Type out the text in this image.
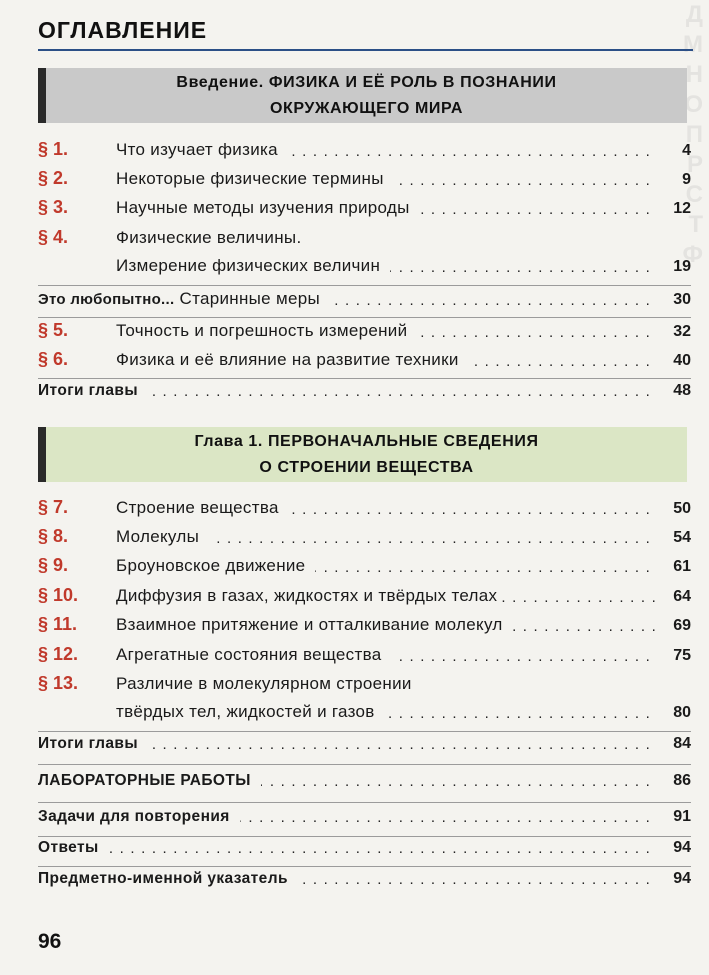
Д
М
Н
О
П
Р
С
Т
Ф
ОГЛАВЛЕНИЕ
Введение. ФИЗИКА И ЕЁ РОЛЬ В ПОЗНАНИИ
ОКРУЖАЮЩЕГО МИРА
§ 1.	Что изучает физика . . .	4
§ 2.	Некоторые физические термины . . .	9
§ 3.	Научные методы изучения природы . . .	12
§ 4.	Физические величины.
Измерение физических величин . . .	19
Это любопытно... Старинные меры . . .	30
§ 5.	Точность и погрешность измерений . . .	32
§ 6.	Физика и её влияние на развитие техники . . .	40
Итоги главы . . .	48
Глава 1. ПЕРВОНАЧАЛЬНЫЕ СВЕДЕНИЯ
О СТРОЕНИИ ВЕЩЕСТВА
§ 7.	Строение вещества . . .	50
§ 8.	Молекулы . . .	54
§ 9.	Броуновское движение . . .	61
§ 10.	Диффузия в газах, жидкостях и твёрдых телах . . .	64
§ 11.	Взаимное притяжение и отталкивание молекул . . .	69
§ 12.	Агрегатные состояния вещества . . .	75
§ 13.	Различие в молекулярном строении
твёрдых тел, жидкостей и газов . . .	80
Итоги главы . . .	84
ЛАБОРАТОРНЫЕ РАБОТЫ . . .	86
Задачи для повторения . . .	91
Ответы . . .	94
Предметно-именной указатель . . .	94
96
